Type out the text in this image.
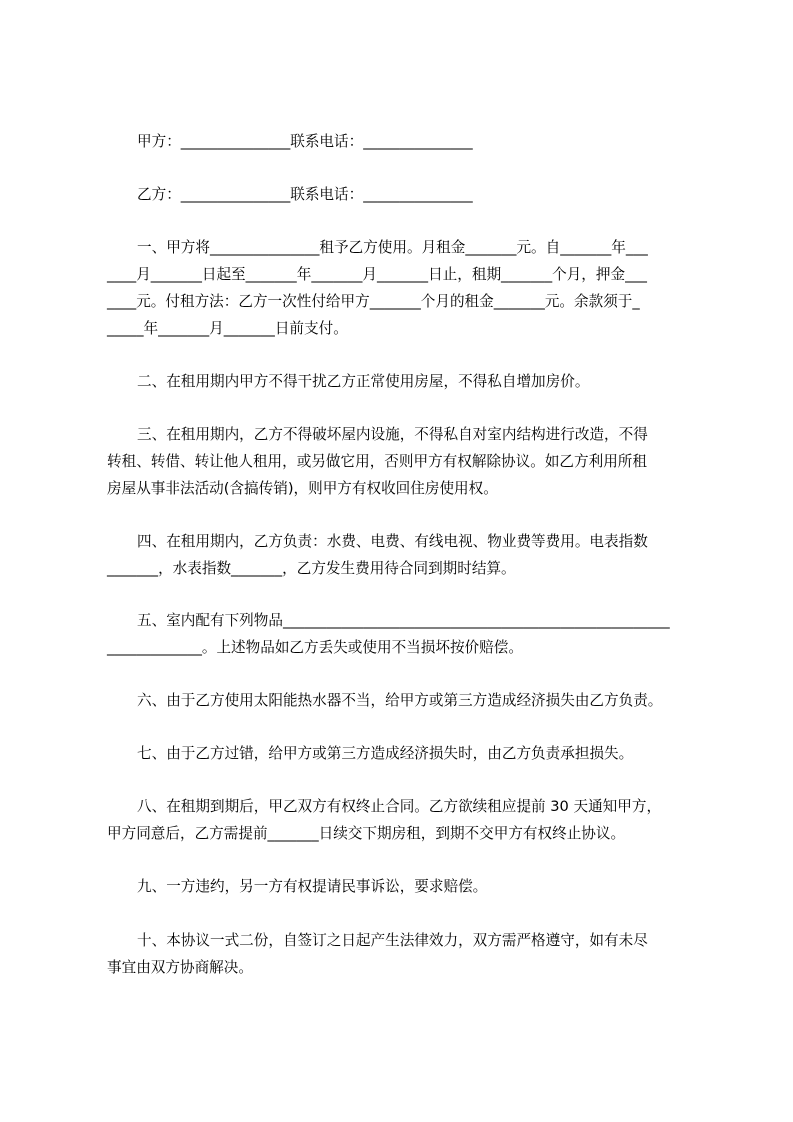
甲方：_______________联系电话：_______________
乙方：_______________联系电话：_______________
一、甲方将_______________租予乙方使用。月租金_______元。自_______年___
____月_______日起至_______年_______月_______日止，租期_______个月，押金___
____元。付租方法：乙方一次性付给甲方_______个月的租金_______元。余款须于_
_____年_______月_______日前支付。
二、在租用期内甲方不得干扰乙方正常使用房屋，不得私自增加房价。
三、在租用期内，乙方不得破坏屋内设施，不得私自对室内结构进行改造，不得
转租、转借、转让他人租用，或另做它用，否则甲方有权解除协议。如乙方利用所租
房屋从事非法活动(含搞传销)，则甲方有权收回住房使用权。
四、在租用期内，乙方负责：水费、电费、有线电视、物业费等费用。电表指数
_______，水表指数_______，乙方发生费用待合同到期时结算。
五、室内配有下列物品_____________________________________________________
_____________。上述物品如乙方丢失或使用不当损坏按价赔偿。
六、由于乙方使用太阳能热水器不当，给甲方或第三方造成经济损失由乙方负责。
七、由于乙方过错，给甲方或第三方造成经济损失时，由乙方负责承担损失。
八、在租期到期后，甲乙双方有权终止合同。乙方欲续租应提前 30 天通知甲方，
甲方同意后，乙方需提前_______日续交下期房租，到期不交甲方有权终止协议。
九、一方违约，另一方有权提请民事诉讼，要求赔偿。
十、本协议一式二份，自签订之日起产生法律效力，双方需严格遵守，如有未尽
事宜由双方协商解决。
